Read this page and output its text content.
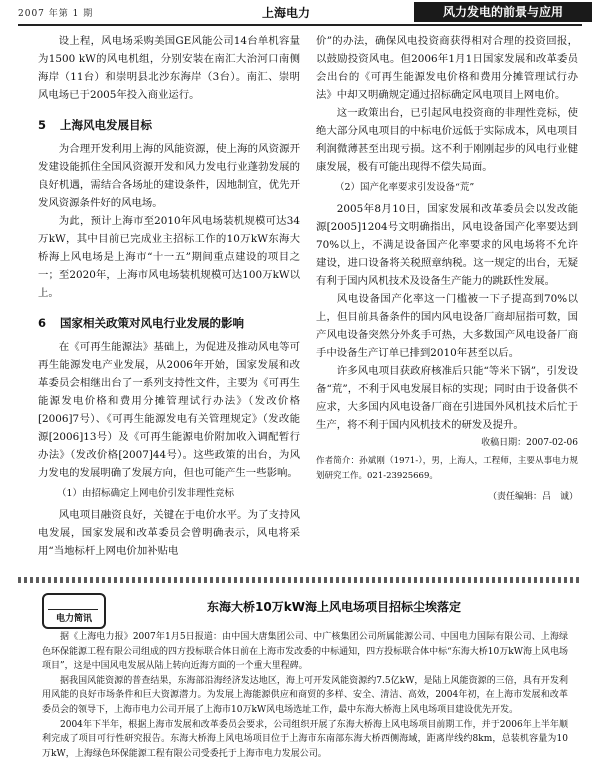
2007 年第 1 期	上海电力	风力发电的前景与应用

设上程，风电场采购美国GE风能公司14台单机容量为1500 kW的风电机组，分别安装在南汇大治河口南侧海岸（11台）和崇明县北沙东海岸（3台）。南汇、崇明风电场已于2005年投入商业运行。

5 上海风电发展目标

为合理开发利用上海的风能资源，使上海的风资源开发建设能抓住全国风资源开发和风力发电行业蓬勃发展的良好机遇，需结合各场址的建设条件，因地制宜，优先开发风资源条件好的风电场。

为此，预计上海市至2010年风电场装机规模可达34万kW，其中目前已完成业主招标工作的10万kW东海大桥海上风电场是上海市“十一五”期间重点建设的项目之一；至2020年，上海市风电场装机规模可达100万kW以上。

6 国家相关政策对风电行业发展的影响

在《可再生能源法》基础上，为促进及推动风电等可再生能源发电产业发展，从2006年开始，国家发展和改革委员会相继出台了一系列支持性文件，主要为《可再生能源发电价格和费用分摊管理试行办法》（发改价格[2006]7号）、《可再生能源发电有关管理规定》（发改能源[2006]13号）及《可再生能源电价附加收入调配暂行办法》（发改价格[2007]44号）。这些政策的出台，为风力发电的发展明确了发展方向，但也可能产生一些影响。

（1）由招标确定上网电价引发非理性竞标

风电项目融资良好，关键在于电价水平。为了支持风电发展，国家发展和改革委员会曾明确表示，风电将采用“当地标杆上网电价加补贴电

价”的办法，确保风电投资商获得相对合理的投资回报，以鼓励投资风电。但2006年1月1日国家发展和改革委员会出台的《可再生能源发电价格和费用分摊管理试行办法》中却又明确规定通过招标确定风电项目上网电价。

这一政策出台，已引起风电投资商的非理性竞标，使绝大部分风电项目的中标电价远低于实际成本，风电项目利润微薄甚至出现亏损。这不利于刚刚起步的风电行业健康发展，极有可能出现得不偿失局面。

（2）国产化率要求引发设备“荒”

2005年8月10日，国家发展和改革委员会以发改能源[2005]1204号文明确指出，风电设备国产化率要达到70%以上，不满足设备国产化率要求的风电场将不允许建设，进口设备将关税照章纳税。这一规定的出台，无疑有利于国内风机技术及设备生产能力的跳跃性发展。

风电设备国产化率这一门槛被一下子提高到70%以上，但目前具备条件的国内风电设备厂商却屈指可数，国产风电设备突然分外炙手可热，大多数国产风电设备厂商手中设备生产订单已排到2010年甚至以后。

许多风电项目获政府核准后只能“等米下锅”，引发设备“荒”，不利于风电发展目标的实现；同时由于设备供不应求，大多国内风电设备厂商在引进国外风机技术后忙于生产，将不利于国内风机技术的研发及提升。

收稿日期：2007-02-06
作者简介：孙斌刚（1971-），男，上海人，工程师，主要从事电力规划研究工作。021-23925669。
（责任编辑：吕　诚）
电力简讯
东海大桥10万kW海上风电场项目招标尘埃落定

据《上海电力报》2007年1月5日报道：由中国大唐集团公司、中广核集团公司所属能源公司、中国电力国际有限公司、上海绿色环保能源工程有限公司组成的四方投标联合体日前在上海市发改委的中标通知，四方投标联合体中标“东海大桥10万kW海上风电场项目”，这是中国风电发展从陆上转向近海方面的一个重大里程碑。

据我国风能资源的普查结果，东海部沿海经济发达地区，海上可开发风能资源约7.5亿kW，是陆上风能资源的三倍，具有开发利用风能的良好市场条件和巨大资源潜力。为发展上海能源供应和商贸的多样、安全、清洁、高效，2004年初，在上海市发展和改革委员会的领导下，上海市电力公司开展了上海市10万kW风电场选址工作，最中东海大桥海上风电场项目建设优先开发。

2004年下半年，根据上海市发展和改革委员会要求，公司组织开展了东海大桥海上风电场项目前期工作，并于2006年上半年顺利完成了项目可行性研究报告。东海大桥海上风电场项目位于上海市东南部东海大桥西侧海域，距离岸线约8km，总装机容量为10万kW，上海绿色环保能源工程有限公司受委托于上海市电力发展公司。
